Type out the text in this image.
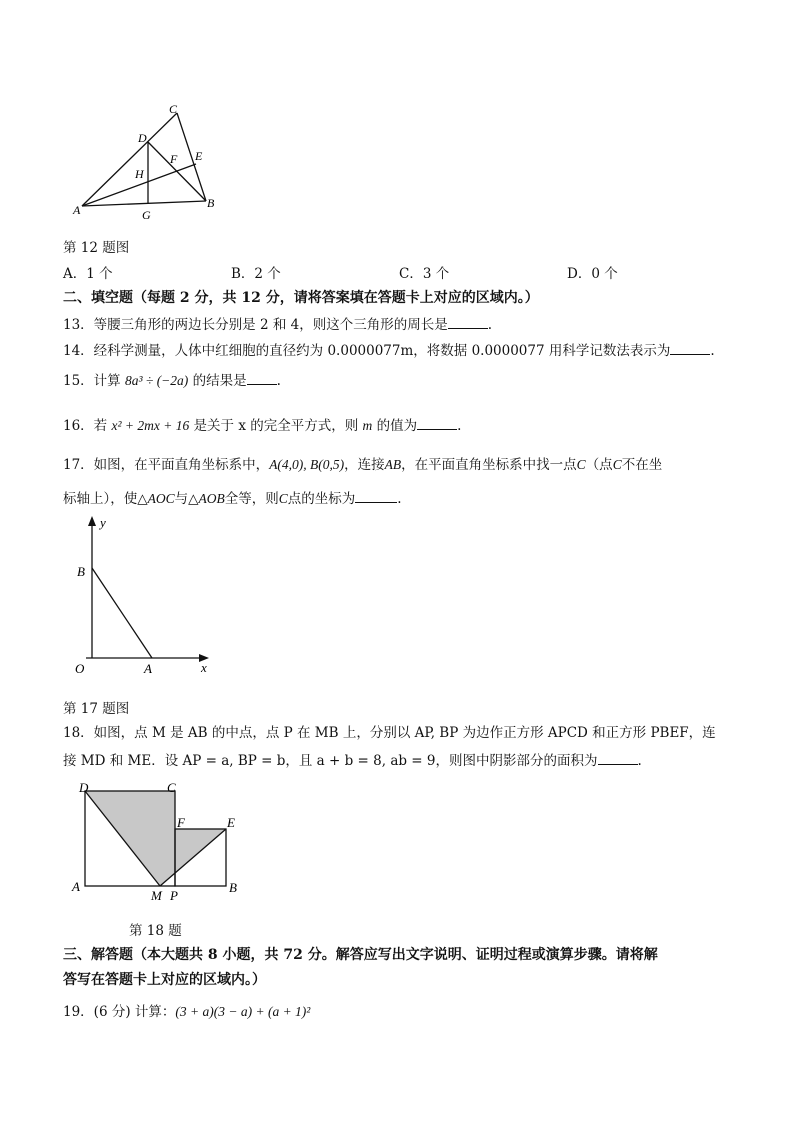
C
D
F E
H
A	G
B
第 12 题图
A．1 个	B．2 个	C．3 个	D．0 个
二、填空题（每题 2 分，共 12 分，请将答案填在答题卡上对应的区域内。）
13．等腰三角形的两边长分别是 2 和 4，则这个三角形的周长是	.
14．经科学测量，人体中红细胞的直径约为 0.0000077m，将数据 0.0000077 用科学记数法表示为	.
15．计算 8a³ ÷ (−2a) 的结果是 .
16．若 x² + 2mx + 16 是关于 x 的完全平方式，则 m 的值为	.
17．如图，在平面直角坐标系中，A(4,0), B(0,5)，连接AB，在平面直角坐标系中找一点C（点C不在坐
标轴上），使△AOC与△AOB全等，则C点的坐标为	.
y
B
O	A	x
第 17 题图
18．如图，点 M 是 AB 的中点，点 P 在 MB 上，分别以 AP, BP 为边作正方形 APCD 和正方形 PBEF，连
接 MD 和 ME．设 AP = a, BP = b，且 a + b = 8, ab = 9，则图中阴影部分的面积为	.
D	C
F	E
A
M P
B
第 18 题
三、解答题（本大题共 8 小题，共 72 分。解答应写出文字说明、证明过程或演算步骤。请将解
答写在答题卡上对应的区域内。）
19．(6 分) 计算：(3 + a)(3 − a) + (a + 1)²
